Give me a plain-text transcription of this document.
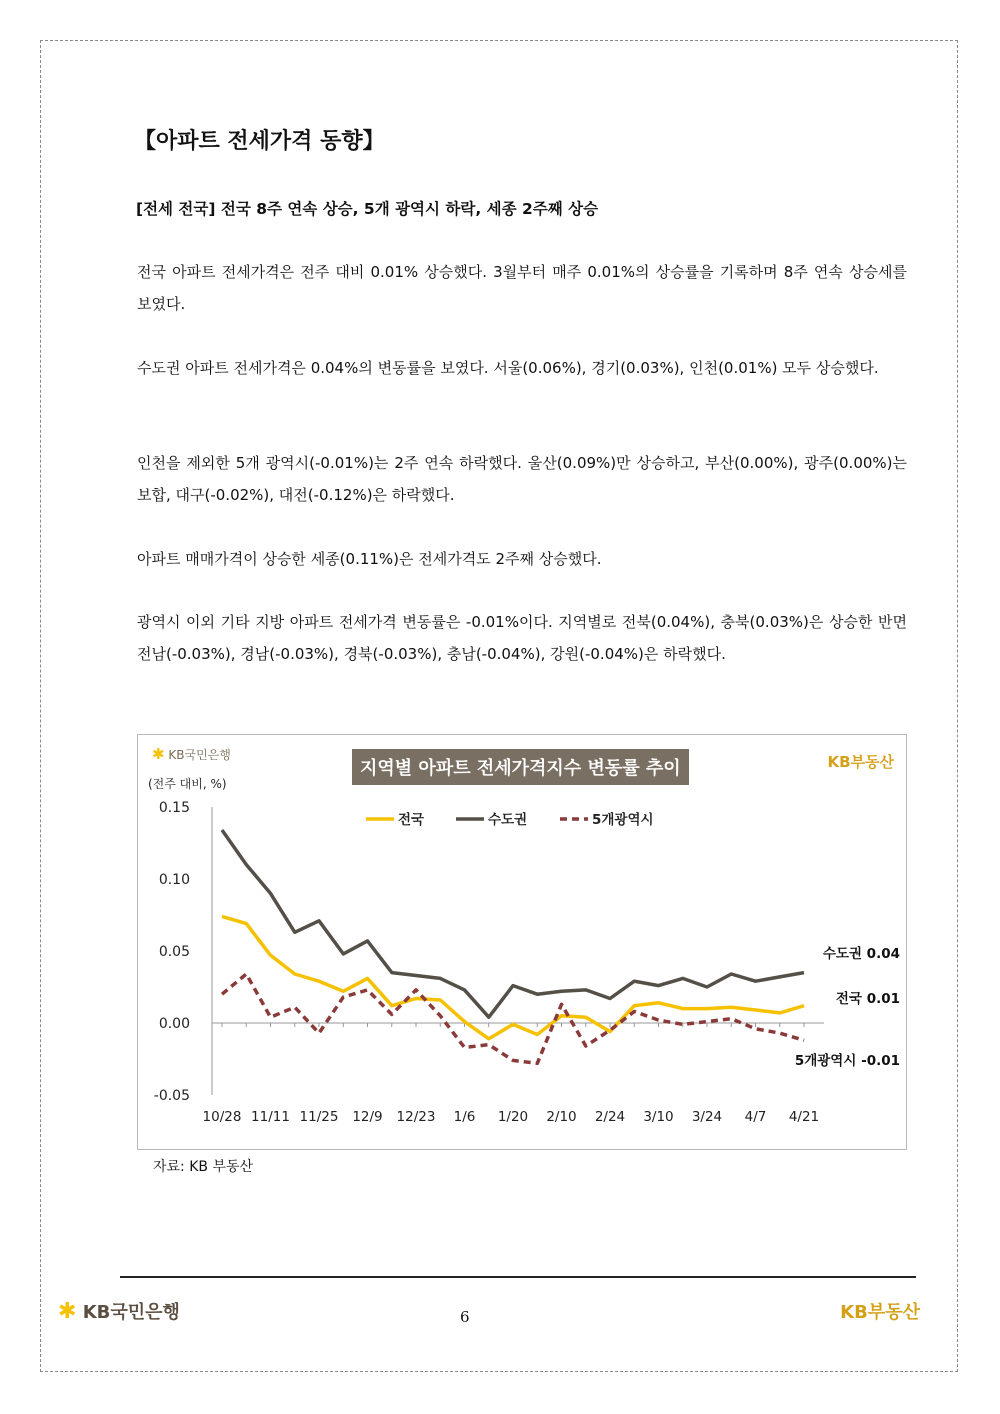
【아파트 전세가격 동향】
[전세 전국] 전국 8주 연속 상승, 5개 광역시 하락, 세종 2주째 상승

전국 아파트 전세가격은 전주 대비 0.01% 상승했다. 3월부터 매주 0.01%의 상승률을 기록하며 8주 연속 상승세를 보였다.

수도권 아파트 전세가격은 0.04%의 변동률을 보였다. 서울(0.06%), 경기(0.03%), 인천(0.01%) 모두 상승했다.

인천을 제외한 5개 광역시(-0.01%)는 2주 연속 하락했다. 울산(0.09%)만 상승하고, 부산(0.00%), 광주(0.00%)는 보합, 대구(-0.02%), 대전(-0.12%)은 하락했다.

아파트 매매가격이 상승한 세종(0.11%)은 전세가격도 2주째 상승했다.

광역시 이외 기타 지방 아파트 전세가격 변동률은 -0.01%이다. 지역별로 전북(0.04%), 충북(0.03%)은 상승한 반면 전남(-0.03%), 경남(-0.03%), 경북(-0.03%), 충남(-0.04%), 강원(-0.04%)은 하락했다.

✱ KB국민은행
지역별 아파트 전세가격지수 변동률 추이	KB부동산
(전주 대비, %)
0.15
0.10
0.05
0.00
-0.05
10/28 11/11 11/25 12/9 12/23 1/6 1/20 2/10 2/24 3/10 3/24 4/7 4/21
전국	수도권	5개광역시
전국 0.01
수도권 0.04
5개광역시 -0.01

자료: KB 부동산

✱ KB국민은행	6	KB부동산
